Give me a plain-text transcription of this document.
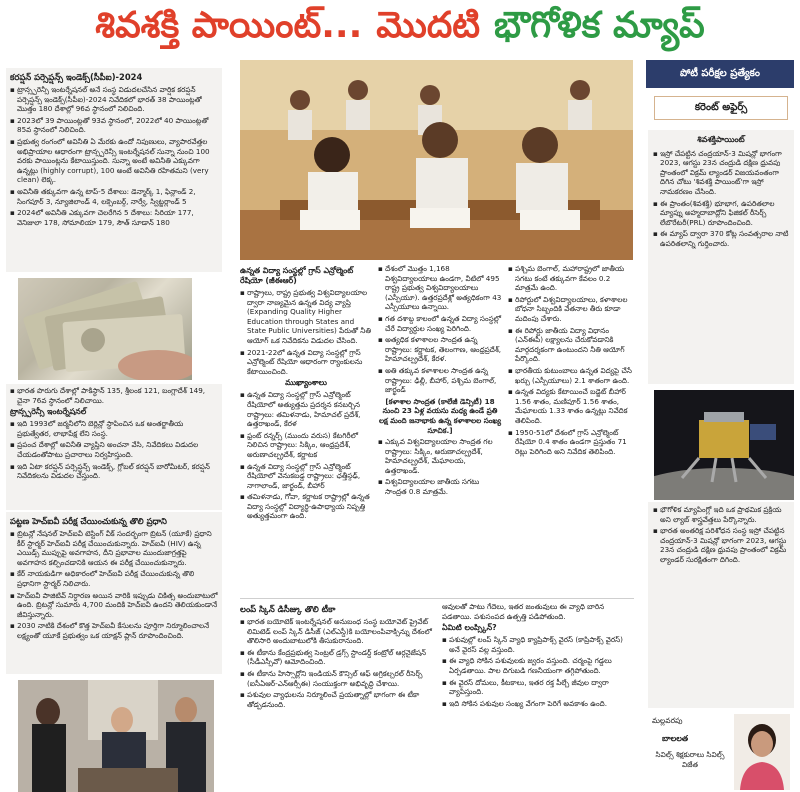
శివశక్తి పాయింట్... మొదటి భౌగోళిక మ్యాప్
కరప్షన్ పర్సెప్షన్స్ ఇండెక్స్(సీపీఐ)-2024

▪ ట్రాన్స్పరెన్సీ ఇంటర్నేషనల్ అనే సంస్థ విడుదలచేసిన వార్షిక కరప్షన్ పర్సెప్షన్స్ ఇండెక్స్(సీపీఐ)-2024 నివేదికలో భారత్ 38 పాయింట్లతో మొత్తం 180 దేశాల్లో 96వ స్థానంలో నిలిచింది.

▪ 2023లో 39 పాయింట్లతో 93వ స్థానంలో, 2022లో 40 పాయింట్లతో 85వ స్థానంలో నిలిచింది.

▪ ప్రభుత్వ రంగంలో అవినీతి ఏ మేరకు ఉందో నిపుణులు, వ్యాపారవేత్తల అభిప్రాయాల ఆధారంగా ట్రాన్స్పరెన్సీ ఇంటర్నేషనల్ సున్నా నుంచి 100 వరకు పాయింట్లను కేటాయిస్తుంది. సున్నా అంటే అవినీతి ఎక్కువగా ఉన్నట్లు (highly corrupt), 100 అంటే అవినీతి రహితమని (very clean) లెక్క.

▪ అవినీతి తక్కువగా ఉన్న టాప్-5 దేశాలు: డెన్మార్క్ 1, ఫిన్లాండ్ 2, సింగపూర్ 3, న్యూజిలాండ్ 4, లక్సెంబర్గ్, నార్వే, స్విట్జర్లాండ్ 5

▪ 2024లో అవినీతి ఎక్కువగా చెలరేగిన 5 దేశాలు: సిరియా 177, వెనిజులా 178, సోమాలియా 179, సౌత్ సూడాన్ 180

▪ భారత పొరుగు దేశాల్లో పాకిస్థాన్ 135, శ్రీలంక 121, బంగ్లాదేశ్ 149, చైనా 76వ స్థానంలో నిలిచాయి.

ట్రాన్స్పరెన్సీ ఇంటర్నేషనల్

▪ ఇది 1993లో జర్మనీలోని బెర్లిన్లో స్థాపించిన ఒక అంతర్జాతీయ ప్రభుత్వేతర, లాభాపేక్ష లేని సంస్థ.

▪ ప్రపంచ దేశాల్లో అవినీతి వ్యాప్తిని అంచనా వేసి, నివేదికలు విడుదల చేయడంతోపాటు ప్రచారాలు నిర్వహిస్తుంది.

▪ ఇది ఏటా కరప్షన్ పర్సెప్షన్స్ ఇండెక్స్, గ్లోబల్ కరప్షన్ బారోమీటర్, కరప్షన్ నివేదికలను విడుదల చేస్తుంది.

పట్టణ హెచ్ఐవీ పరీక్ష చేయించుకున్న తొలి ప్రధాని

▪ బ్రిటన్లో నేషనల్ హెచ్ఐవీ టెస్టింగ్ వీక్ సందర్భంగా బ్రిటన్ (యూకే) ప్రధాని కీర్ స్టార్మర్ హెచ్ఐవీ పరీక్ష చేయించుకున్నారు. హెచ్ఐవీ (HIV) ఉన్న ఎయిడ్స్ ముప్పుపై అవగాహన, దీని ప్రభావాల ముందుజాగ్రత్తపై అవగాహన కల్పించడానికి ఆయన ఈ పరీక్ష చేయించుకున్నారు.

▪ కేర్ నాయకుడిగా అధికారంలో హెచ్ఐవీ పరీక్ష చేయించుకున్న తొలి ప్రధానిగా స్టార్మర్ నిలిచారు.

▪ హెచ్ఐవీ పాజిటివ్ నిర్ధారణ అయిన వారికి ఇప్పుడు చికిత్స అందుబాటులో ఉంది. బ్రిటన్లో సుమారు 4,700 మందికి హెచ్ఐవీ ఉందని తెలియకుండానే జీవిస్తున్నారు.

▪ 2030 నాటికి దేశంలో కొత్త హెచ్ఐవీ కేసులను పూర్తిగా నిర్మూలించాలనే లక్ష్యంతో యూకే ప్రభుత్వం ఒక యాక్షన్ ప్లాన్ రూపొందించింది.

ఉన్నత విద్యా సంస్థల్లో గ్రాస్ ఎన్రోల్మెంట్ రేషియో (జీఈఆర్)

▪ రాష్ట్రాలు, రాష్ట్ర ప్రభుత్వ విశ్వవిద్యాలయాల ద్వారా నాణ్యమైన ఉన్నత విద్య వ్యాప్తి (Expanding Quality Higher Education through States and State Public Universities) పేరుతో నీతి ఆయోగ్ ఒక నివేదికను విడుదల చేసింది.

▪ 2021-22లో ఉన్నత విద్యా సంస్థల్లో గ్రాస్ ఎన్రోల్మెంట్ రేషియో ఆధారంగా ర్యాంకులను కేటాయించింది.

ముఖ్యాంశాలు

▪ ఉన్నత విద్యా సంస్థల్లో గ్రాస్ ఎన్రోల్మెంట్ రేషియోలో అత్యుత్తమ ప్రదర్శన కనబర్చిన రాష్ట్రాలు: తమిళనాడు, హిమాచల్ ప్రదేశ్, ఉత్తరాఖండ్, కేరళ

▪ ఫ్రంట్ రన్నర్స్ (ముందు వరుస) కేటగిరీలో నిలిచిన రాష్ట్రాలు: సిక్కిం, ఆంధ్రప్రదేశ్, అరుణాచల్ప్రదేశ్, కర్ణాటక

▪ ఉన్నత విద్యా సంస్థల్లో గ్రాస్ ఎన్రోల్మెంట్ రేషియోలో వెనుకబడ్డ రాష్ట్రాలు: ఛత్తీస్గఢ్, నాగాలాండ్, జార్ఖండ్, బీహార్

▪ తమిళనాడు, గోవా, కర్ణాటక రాష్ట్రాల్లో ఉన్నత విద్యా సంస్థల్లో విద్యార్థి-ఉపాధ్యాయ నిష్పత్తి అత్యుత్తమంగా ఉంది.

▪ దేశంలో మొత్తం 1,168 విశ్వవిద్యాలయాలు ఉండగా, వీటిలో 495 రాష్ట్ర ప్రభుత్వ విశ్వవిద్యాలయాలు (ఎస్పీయూ). ఉత్తరప్రదేశ్లో అత్యధికంగా 43 ఎస్పీయూలు ఉన్నాయి.

▪ గత దశాబ్ద కాలంలో ఉన్నత విద్యా సంస్థల్లో చేరే విద్యార్థుల సంఖ్య పెరిగింది.

▪ అత్యధిక కళాశాలల సాంద్రత ఉన్న రాష్ట్రాలు: కర్ణాటక, తెలంగాణ, ఆంధ్రప్రదేశ్, హిమాచల్ప్రదేశ్, కేరళ.

▪ అతి తక్కువ కళాశాలల సాంద్రత ఉన్న రాష్ట్రాలు: ఢిల్లీ, బీహార్, పశ్చిమ బెంగాల్, జార్ఖండ్

[కళాశాల సాంద్రత (కాలేజీ డెన్సిటీ) 18 నుంచి 23 ఏళ్ల వయసు మధ్య ఉండే ప్రతి లక్ష మంది జనాభాకు ఉన్న కళాశాలల సంఖ్య సూచిక.]

▪ ఎక్కువ విశ్వవిద్యాలయాల సాంద్రత గల రాష్ట్రాలు: సిక్కిం, అరుణాచల్ప్రదేశ్, హిమాచల్ప్రదేశ్, మేఘాలయ, ఉత్తరాఖండ్.

▪ విశ్వవిద్యాలయాల జాతీయ సగటు సాంద్రత 0.8 మాత్రమే.

▪ పశ్చిమ బెంగాల్, మహారాష్ట్రలో జాతీయ సగటు కంటే తక్కువగా కేవలం 0.2 మాత్రమే ఉంది.

▪ రిపోర్టులో విశ్వవిద్యాలయాలు, కళాశాలల బోధనా సిబ్బందికి వేతనాల తీరు కూడా మదింపు చేశారు.

▪ ఈ రిపోర్టు జాతీయ విద్యా విధానం (ఎన్ఈపీ) లక్ష్యాలను చేరుకోవడానికి మార్గదర్శకంగా ఉంటుందని నీతి ఆయోగ్ పేర్కొంది.

▪ భారతీయ కుటుంబాలు ఉన్నత విద్యపై చేసే ఖర్చు (ఎస్పీయూలు) 2.1 శాతంగా ఉంది.

▪ ఉన్నత విద్యకు కేటాయించే బడ్జెట్ బీహార్ 1.56 శాతం, మణిపూర్ 1.56 శాతం, మేఘాలయ 1.33 శాతం ఉన్నట్లు నివేదిక తెలిపింది.

▪ 1950-51లో దేశంలో గ్రాస్ ఎన్రోల్మెంట్ రేషియో 0.4 శాతం ఉండగా ప్రస్తుతం 71 రెట్లు పెరిగింది అని నివేదిక తెలిపింది.

లంప్ స్కిన్ డిసీజ్కు తొలి టీకా

▪ భారత బయోటెక్ ఇంటర్నేషనల్ అనుబంధ సంస్థ బయోవెట్ ప్రైవేట్ లిమిటెడ్ లంప్ స్కిన్ డిసీజ్ (ఎల్ఎస్డీ)కి బయోలంపివాక్సిన్ను దేశంలో తొలిసారి అందుబాటులోకి తీసుకురానుంది.

▪ ఈ టీకాను కేంద్రప్రభుత్వ సెంట్రల్ డ్రగ్స్ స్టాండర్డ్ కంట్రోల్ ఆర్గనైజేషన్ (సీడీఎస్సీవో) ఆమోదించింది.

▪ ఈ టీకాను హిస్సార్లోని ఇండియన్ కౌన్సిల్ ఆఫ్ అగ్రికల్చరల్ రీసెర్చ్ (ఐసీఏఆర్-ఎన్ఆర్సీఈ) సంయుక్తంగా అభివృద్ధి చేశాయి.

▪ పశువుల వ్యాధులను నిర్మూలించే ప్రయత్నాల్లో భాగంగా ఈ టీకా తోడ్పడనుంది.

ఆవులతో పాటు గేదెలు, ఇతర జంతువులు ఈ వ్యాధి బారిన పడతాయి. పశుసంపద ఉత్పత్తి పడిపోతుంది.

ఏమిటి లంప్స్కిన్?

▪ పశువుల్లో లంప్ స్కిన్ వ్యాధి క్యాప్రిపాక్స్ వైరస్ (కాప్రిపాక్స్ వైరస్) అనే వైరస్ వల్ల వస్తుంది.

▪ ఈ వ్యాధి సోకిన పశువులకు జ్వరం వస్తుంది. చర్మంపై గడ్డలు ఏర్పడతాయి. పాల దిగుబడి గణనీయంగా తగ్గిపోతుంది.

▪ ఈ వైరస్ దోమలు, కీటకాలు, ఇతర రక్త పీల్చే జీవుల ద్వారా వ్యాపిస్తుంది.

▪ ఇది సోకిన పశువుల సంఖ్య వేగంగా పెరిగే అవకాశం ఉంది.

పోటీ పరీక్షల ప్రత్యేకం
కరెంట్ అఫైర్స్
శివశక్తిపాయింట్

▪ ఇస్రో చేపట్టిన చంద్రయాన్-3 మిషన్లో భాగంగా 2023, ఆగస్టు 23న చంద్రుడి దక్షిణ ధ్రువపు ప్రాంతంలో విక్రమ్ ల్యాండర్ విజయవంతంగా దిగిన చోటు 'శివశక్తి పాయింట్'గా ఇస్రో నామకరణం చేసింది.

▪ ఈ ప్రాంతం(శివశక్తి) భూభాగ, ఉపరితలాల మ్యాప్ను అహ్మదాబాద్లోని ఫిజికల్ రీసెర్చ్ లేబొరేటరీ(PRL) రూపొందించింది.

▪ ఈ మ్యాప్ ద్వారా 370 కోట్ల సంవత్సరాల నాటి ఉపరితలాన్ని గుర్తించారు.

▪ భౌగోళిక మ్యాపింగ్లో ఇది ఒక ప్రాథమిక ప్రక్రియ అని ల్యాబ్ శాస్త్రవేత్తలు పేర్కొన్నారు.

▪ భారత అంతరిక్ష పరిశోధన సంస్థ ఇస్రో చేపట్టిన చంద్రయాన్-3 మిషన్లో భాగంగా 2023, ఆగస్టు 23న చంద్రుడి దక్షిణ ధ్రువపు ప్రాంతంలో విక్రమ్ ల్యాండర్ సురక్షితంగా దిగింది.

మల్లవరపు
బాలలత
సివిల్స్ శిక్షకురాలు సివిల్స్ విజేత
